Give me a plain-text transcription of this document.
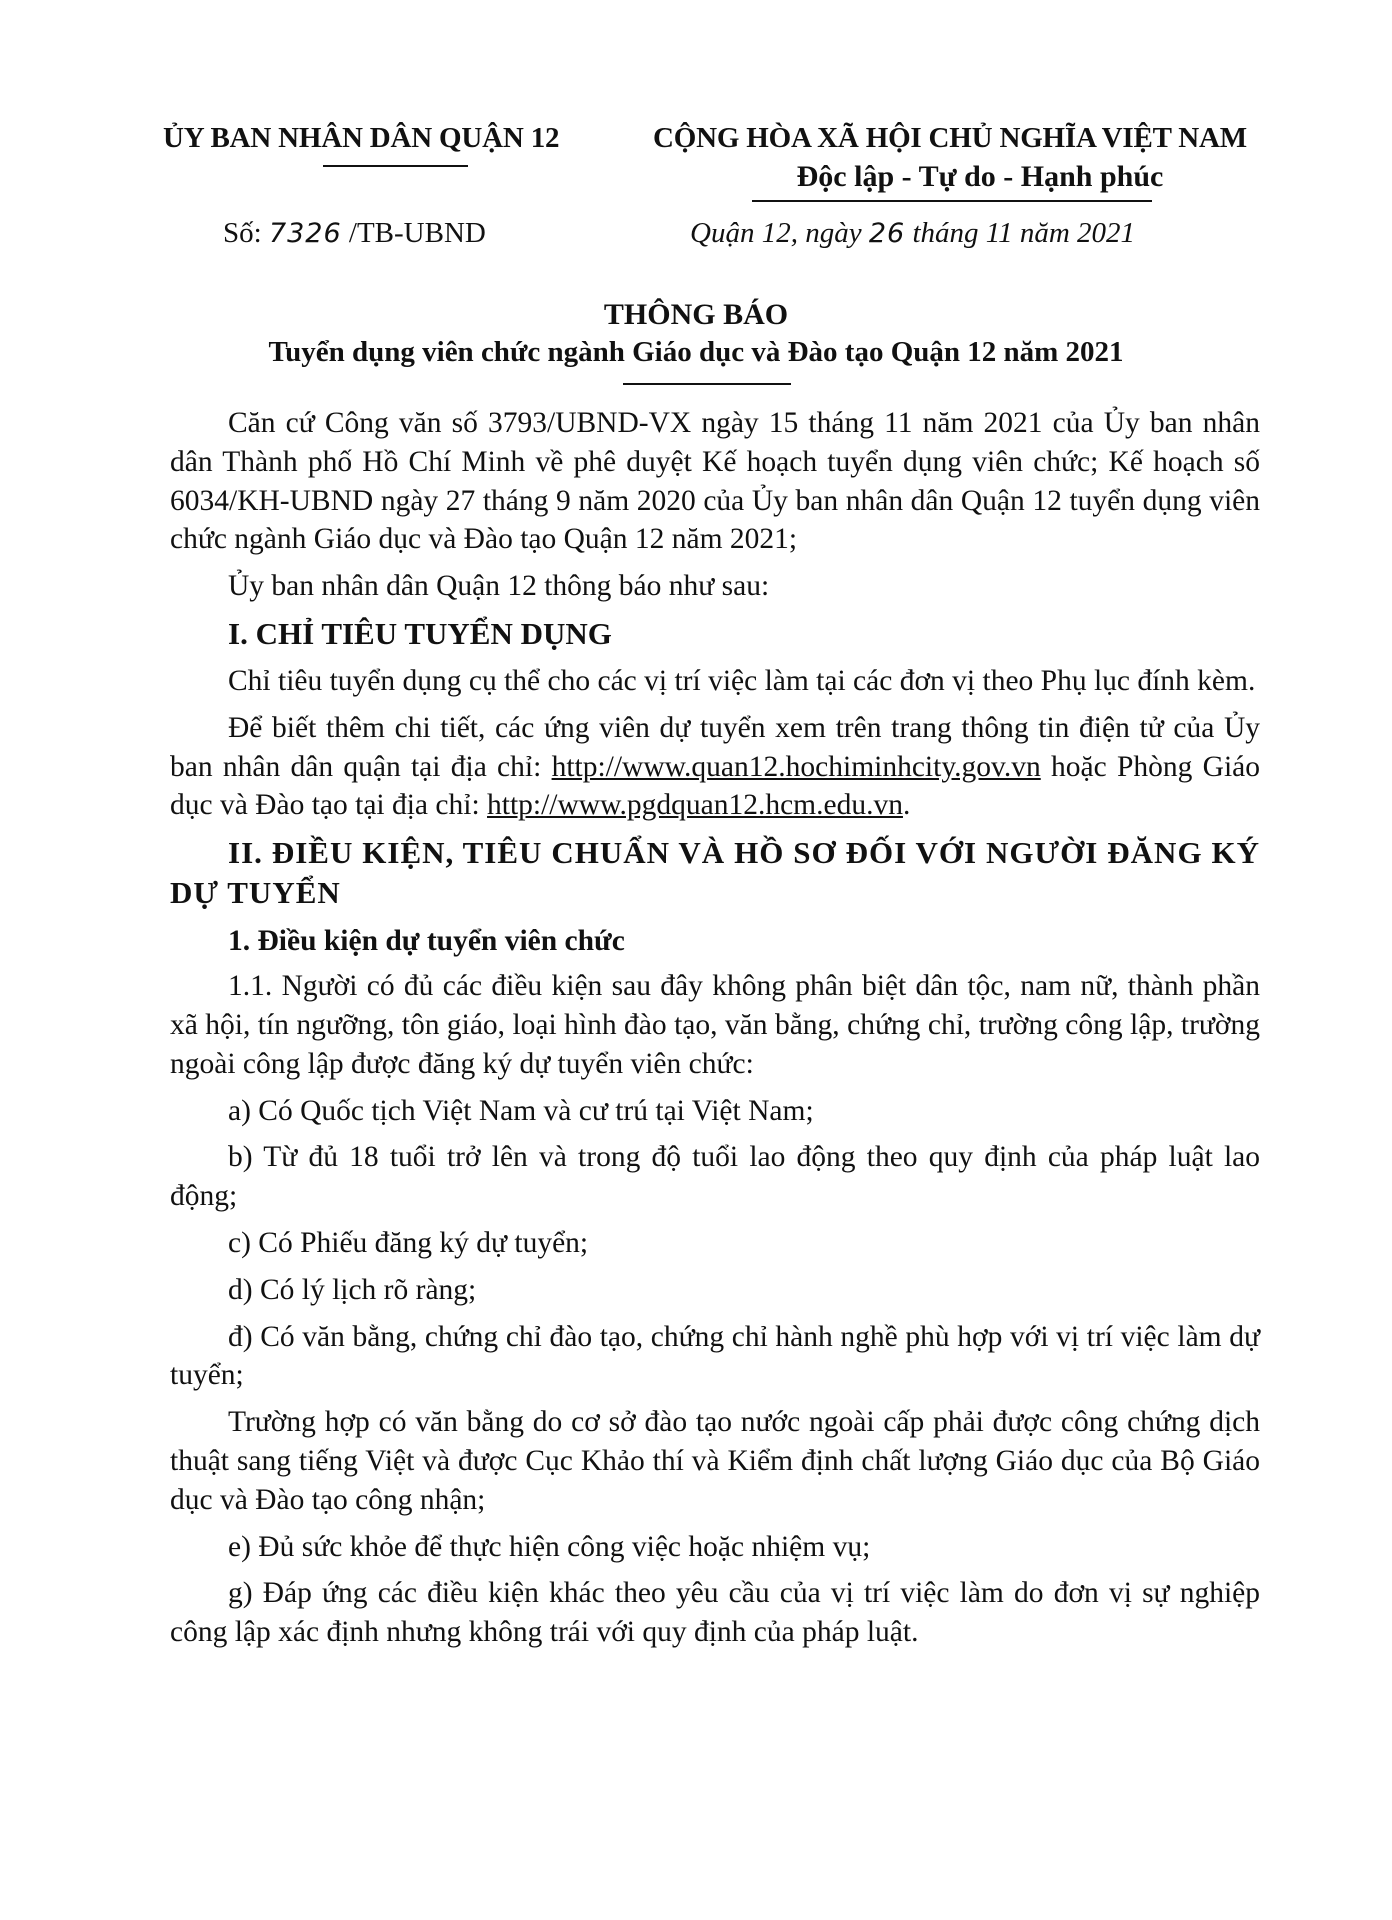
ỦY BAN NHÂN DÂN QUẬN 12	CỘNG HÒA XÃ HỘI CHỦ NGHĨA VIỆT NAM
Độc lập - Tự do - Hạnh phúc
Số: 7326 /TB-UBND	Quận 12, ngày 26 tháng 11 năm 2021
THÔNG BÁO
Tuyển dụng viên chức ngành Giáo dục và Đào tạo Quận 12 năm 2021

Căn cứ Công văn số 3793/UBND-VX ngày 15 tháng 11 năm 2021 của Ủy ban nhân dân Thành phố Hồ Chí Minh về phê duyệt Kế hoạch tuyển dụng viên chức; Kế hoạch số 6034/KH-UBND ngày 27 tháng 9 năm 2020 của Ủy ban nhân dân Quận 12 tuyển dụng viên chức ngành Giáo dục và Đào tạo Quận 12 năm 2021;

Ủy ban nhân dân Quận 12 thông báo như sau:

I. CHỈ TIÊU TUYỂN DỤNG

Chỉ tiêu tuyển dụng cụ thể cho các vị trí việc làm tại các đơn vị theo Phụ lục đính kèm.

Để biết thêm chi tiết, các ứng viên dự tuyển xem trên trang thông tin điện tử của Ủy ban nhân dân quận tại địa chỉ: http://www.quan12.hochiminhcity.gov.vn hoặc Phòng Giáo dục và Đào tạo tại địa chỉ: http://www.pgdquan12.hcm.edu.vn.

II. ĐIỀU KIỆN, TIÊU CHUẨN VÀ HỒ SƠ ĐỐI VỚI NGƯỜI ĐĂNG KÝ DỰ TUYỂN
1. Điều kiện dự tuyển viên chức

1.1. Người có đủ các điều kiện sau đây không phân biệt dân tộc, nam nữ, thành phần xã hội, tín ngưỡng, tôn giáo, loại hình đào tạo, văn bằng, chứng chỉ, trường công lập, trường ngoài công lập được đăng ký dự tuyển viên chức:

a) Có Quốc tịch Việt Nam và cư trú tại Việt Nam;

b) Từ đủ 18 tuổi trở lên và trong độ tuổi lao động theo quy định của pháp luật lao động;

c) Có Phiếu đăng ký dự tuyển;

d) Có lý lịch rõ ràng;

đ) Có văn bằng, chứng chỉ đào tạo, chứng chỉ hành nghề phù hợp với vị trí việc làm dự tuyển;

Trường hợp có văn bằng do cơ sở đào tạo nước ngoài cấp phải được công chứng dịch thuật sang tiếng Việt và được Cục Khảo thí và Kiểm định chất lượng Giáo dục của Bộ Giáo dục và Đào tạo công nhận;

e) Đủ sức khỏe để thực hiện công việc hoặc nhiệm vụ;

g) Đáp ứng các điều kiện khác theo yêu cầu của vị trí việc làm do đơn vị sự nghiệp công lập xác định nhưng không trái với quy định của pháp luật.
